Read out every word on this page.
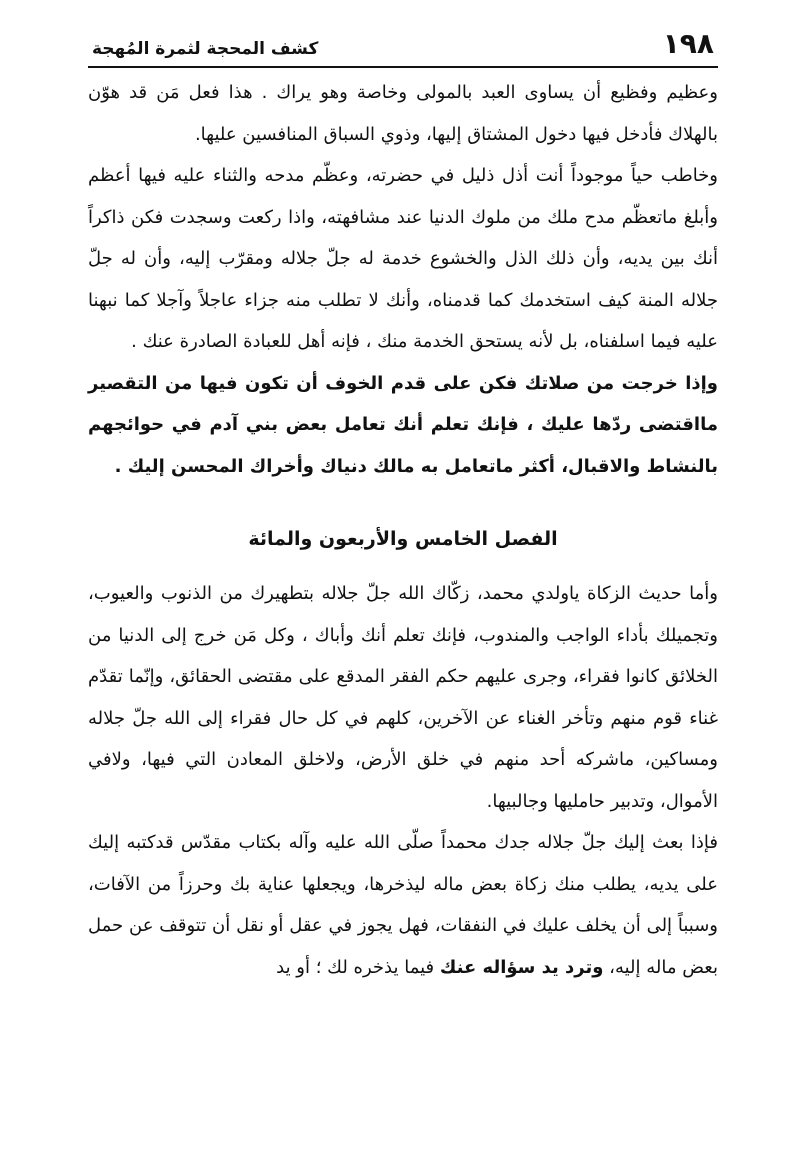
١٩٨
كشف المحجة لثمرة المُهجة

وعظيم وفظيع أن يساوى العبد بالمولى وخاصة وهو يراك . هذا فعل مَن قد هوّن بالهلاك فأدخل فيها دخول المشتاق إليها، وذوي السباق المنافسين عليها.

وخاطب حياً موجوداً أنت أذل ذليل في حضرته، وعظّم مدحه والثناء عليه فيها أعظم وأبلغ ماتعظّم مدح ملك من ملوك الدنيا عند مشافهته، واذا ركعت وسجدت فكن ذاكراً أنك بين يديه، وأن ذلك الذل والخشوع خدمة له جلّ جلاله ومقرّب إليه، وأن له جلّ جلاله المنة كيف استخدمك كما قدمناه، وأنك لا تطلب منه جزاء عاجلاً وآجلا كما نبهنا عليه فيما اسلفناه، بل لأنه يستحق الخدمة منك ، فإنه أهل للعبادة الصادرة عنك .

وإذا خرجت من صلاتك فكن على قدم الخوف أن تكون فيها من التقصير مااقتضى ردّها عليك ، فإنك تعلم أنك تعامل بعض بني آدم في حوائجهم بالنشاط والاقبال، أكثر ماتعامل به مالك دنياك وأخراك المحسن إليك .

الفصل الخامس والأربعون والمائة

وأما حديث الزكاة ياولدي محمد، زكّاك الله جلّ جلاله بتطهيرك من الذنوب والعيوب، وتجميلك بأداء الواجب والمندوب، فإنك تعلم أنك وأباك ، وكل مَن خرج إلى الدنيا من الخلائق كانوا فقراء، وجرى عليهم حكم الفقر المدقع على مقتضى الحقائق، وإنّما تقدّم غناء قوم منهم وتأخر الغناء عن الآخرين، كلهم في كل حال فقراء إلى الله جلّ جلاله ومساكين، ماشركه أحد منهم في خلق الأرض، ولاخلق المعادن التي فيها، ولافي الأموال، وتدبير حامليها وجالبيها.

فإذا بعث إليك جلّ جلاله جدك محمداً صلّى الله عليه وآله بكتاب مقدّس قدكتبه إليك على يديه، يطلب منك زكاة بعض ماله ليذخرها، ويجعلها عناية بك وحرزاً من الآفات، وسبباً إلى أن يخلف عليك في النفقات، فهل يجوز في عقل أو نقل أن تتوقف عن حمل بعض ماله إليه، وترد يد سؤاله عنك فيما يذخره لك ؛ أو يد
